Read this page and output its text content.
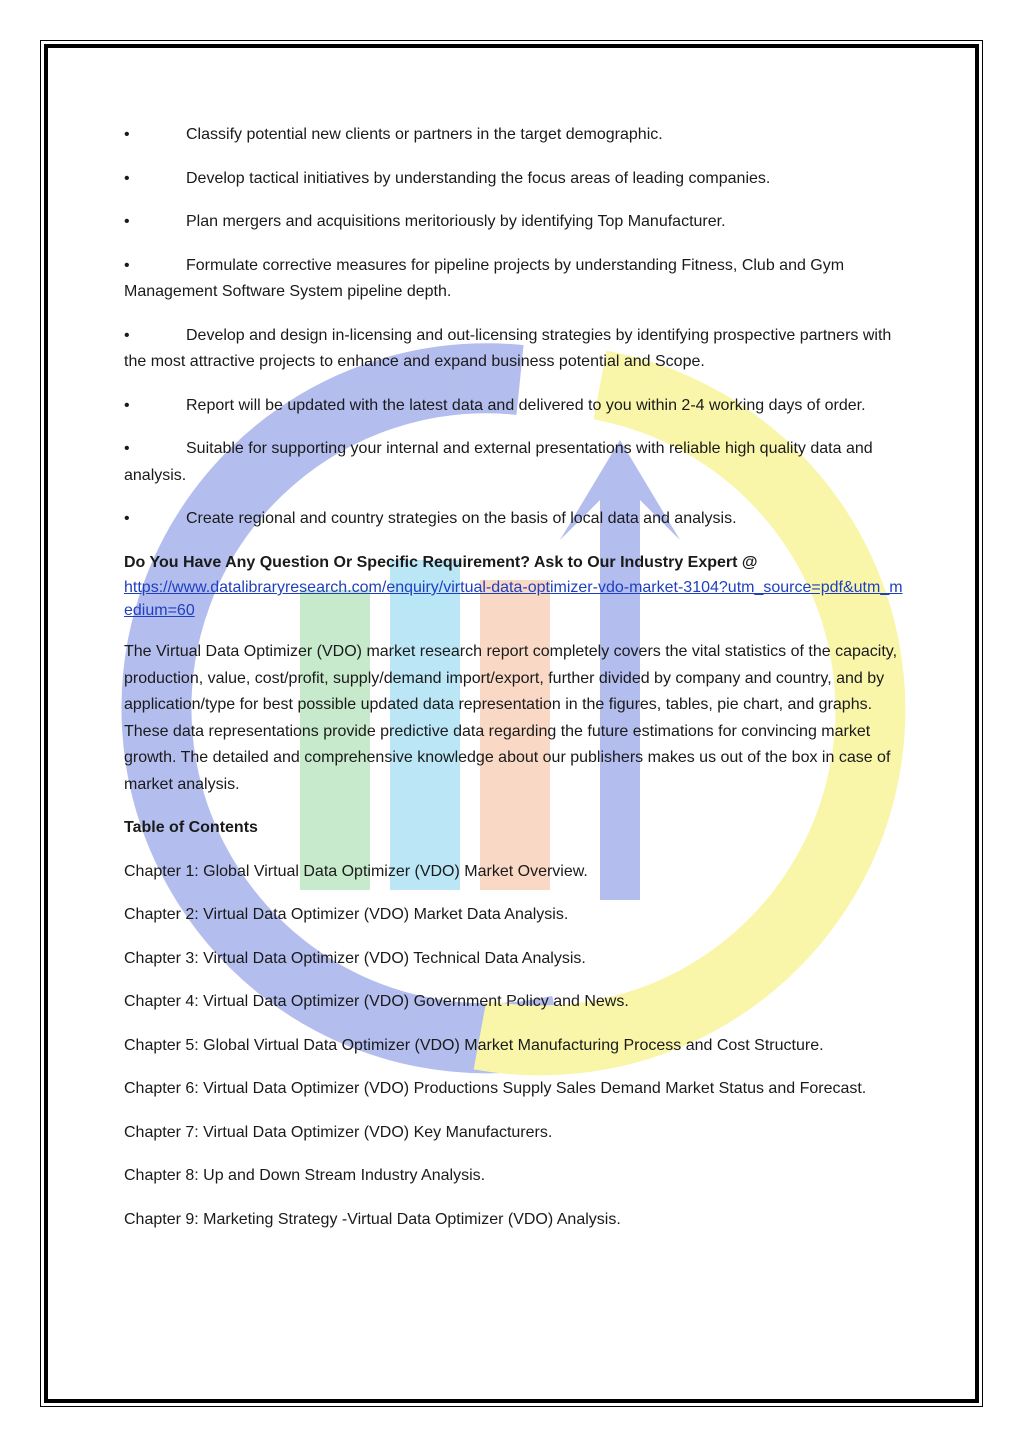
•	Classify potential new clients or partners in the target demographic.
•	Develop tactical initiatives by understanding the focus areas of leading companies.
•	Plan mergers and acquisitions meritoriously by identifying Top Manufacturer.
•	Formulate corrective measures for pipeline projects by understanding Fitness, Club and Gym Management Software System pipeline depth.
•	Develop and design in-licensing and out-licensing strategies by identifying prospective partners with the most attractive projects to enhance and expand business potential and Scope.
•	Report will be updated with the latest data and delivered to you within 2-4 working days of order.
•	Suitable for supporting your internal and external presentations with reliable high quality data and analysis.
•	Create regional and country strategies on the basis of local data and analysis.

Do You Have Any Question Or Specific Requirement? Ask to Our Industry Expert @

https://www.datalibraryresearch.com/enquiry/virtual-data-optimizer-vdo-market-3104?utm_source=pdf&utm_medium=60

The Virtual Data Optimizer (VDO) market research report completely covers the vital statistics of the capacity, production, value, cost/profit, supply/demand import/export, further divided by company and country, and by application/type for best possible updated data representation in the figures, tables, pie chart, and graphs. These data representations provide predictive data regarding the future estimations for convincing market growth. The detailed and comprehensive knowledge about our publishers makes us out of the box in case of market analysis.

Table of Contents

Chapter 1: Global Virtual Data Optimizer (VDO) Market Overview.

Chapter 2: Virtual Data Optimizer (VDO) Market Data Analysis.

Chapter 3: Virtual Data Optimizer (VDO) Technical Data Analysis.

Chapter 4: Virtual Data Optimizer (VDO) Government Policy and News.

Chapter 5: Global Virtual Data Optimizer (VDO) Market Manufacturing Process and Cost Structure.

Chapter 6: Virtual Data Optimizer (VDO) Productions Supply Sales Demand Market Status and Forecast.

Chapter 7: Virtual Data Optimizer (VDO) Key Manufacturers.

Chapter 8: Up and Down Stream Industry Analysis.

Chapter 9: Marketing Strategy -Virtual Data Optimizer (VDO) Analysis.
